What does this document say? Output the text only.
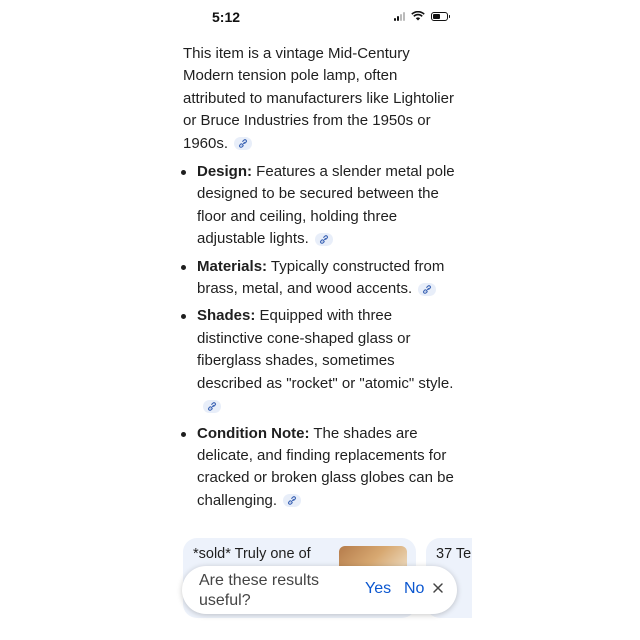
5:12

This item is a vintage Mid-Century Modern tension pole lamp, often attributed to manufacturers like Lightolier or Bruce Industries from the 1950s or 1960s.

Design: Features a slender metal pole designed to be secured between the floor and ceiling, holding three adjustable lights.
Materials: Typically constructed from brass, metal, and wood accents.
Shades: Equipped with three distinctive cone-shaped glass or fiberglass shades, sometimes described as "rocket" or "atomic" style.
Condition Note: The shades are delicate, and finding replacements for cracked or broken glass globes can be challenging.
*sold* Truly one of	37 Te
Are these results useful?
Yes No
